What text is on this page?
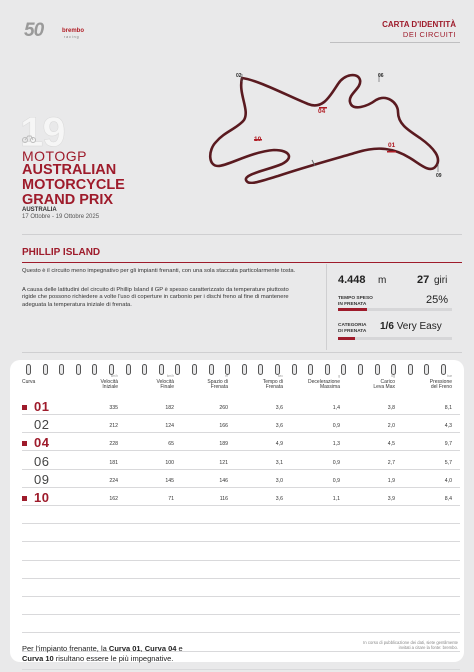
50	brembo
racing
CARTA D'IDENTITÀ
DEI CIRCUITI
19
MOTOGP
AUSTRALIAN
MOTORCYCLE
GRAND PRIX
AUSTRALIA
17 Ottobre - 19 Ottobre 2025
02	06
04
10
01
09
PHILLIP ISLAND
Questo è il circuito meno impegnativo per gli impianti frenanti, con una sola staccata particolarmente tosta.
A causa delle latitudini del circuito di Phillip Island il GP è spesso caratterizzato da temperature piuttosto rigide che possono richiedere a volte l'uso di coperture in carbonio per i dischi freno al fine di mantenere adeguata la temperatura iniziale di frenata.
4.448 m	27 giri
TEMPO SPESO
IN FRENATA	25%
CATEGORIA
DI FRENATA 1/6 Very Easy
Curva
km/h
Velocità
Iniziale
km/h
Velocità
Finale
m
Spazio di
Frenata
sec
Tempo di
Frenata
g
Decelerazione
Massima
kg
Carico
Leva Max
bar
Pressione
del Freno
01	335	182	260	3,6	1,4	3,8	8,1
02	212	124	166	3,6	0,9	2,0	4,3
04	228	65	189	4,9	1,3	4,5	9,7
06	181	100	121	3,1	0,9	2,7	5,7
09	224	145	146	3,0	0,9	1,9	4,0
10	162	71	116	3,6	1,1	3,9	8,4
Per l'impianto frenante, la Curva 01, Curva 04 e
Curva 10 risultano essere le più impegnative.
In corso di pubblicazione dei dati, siete gentilmente invitati a citare la fonte: brembo.
